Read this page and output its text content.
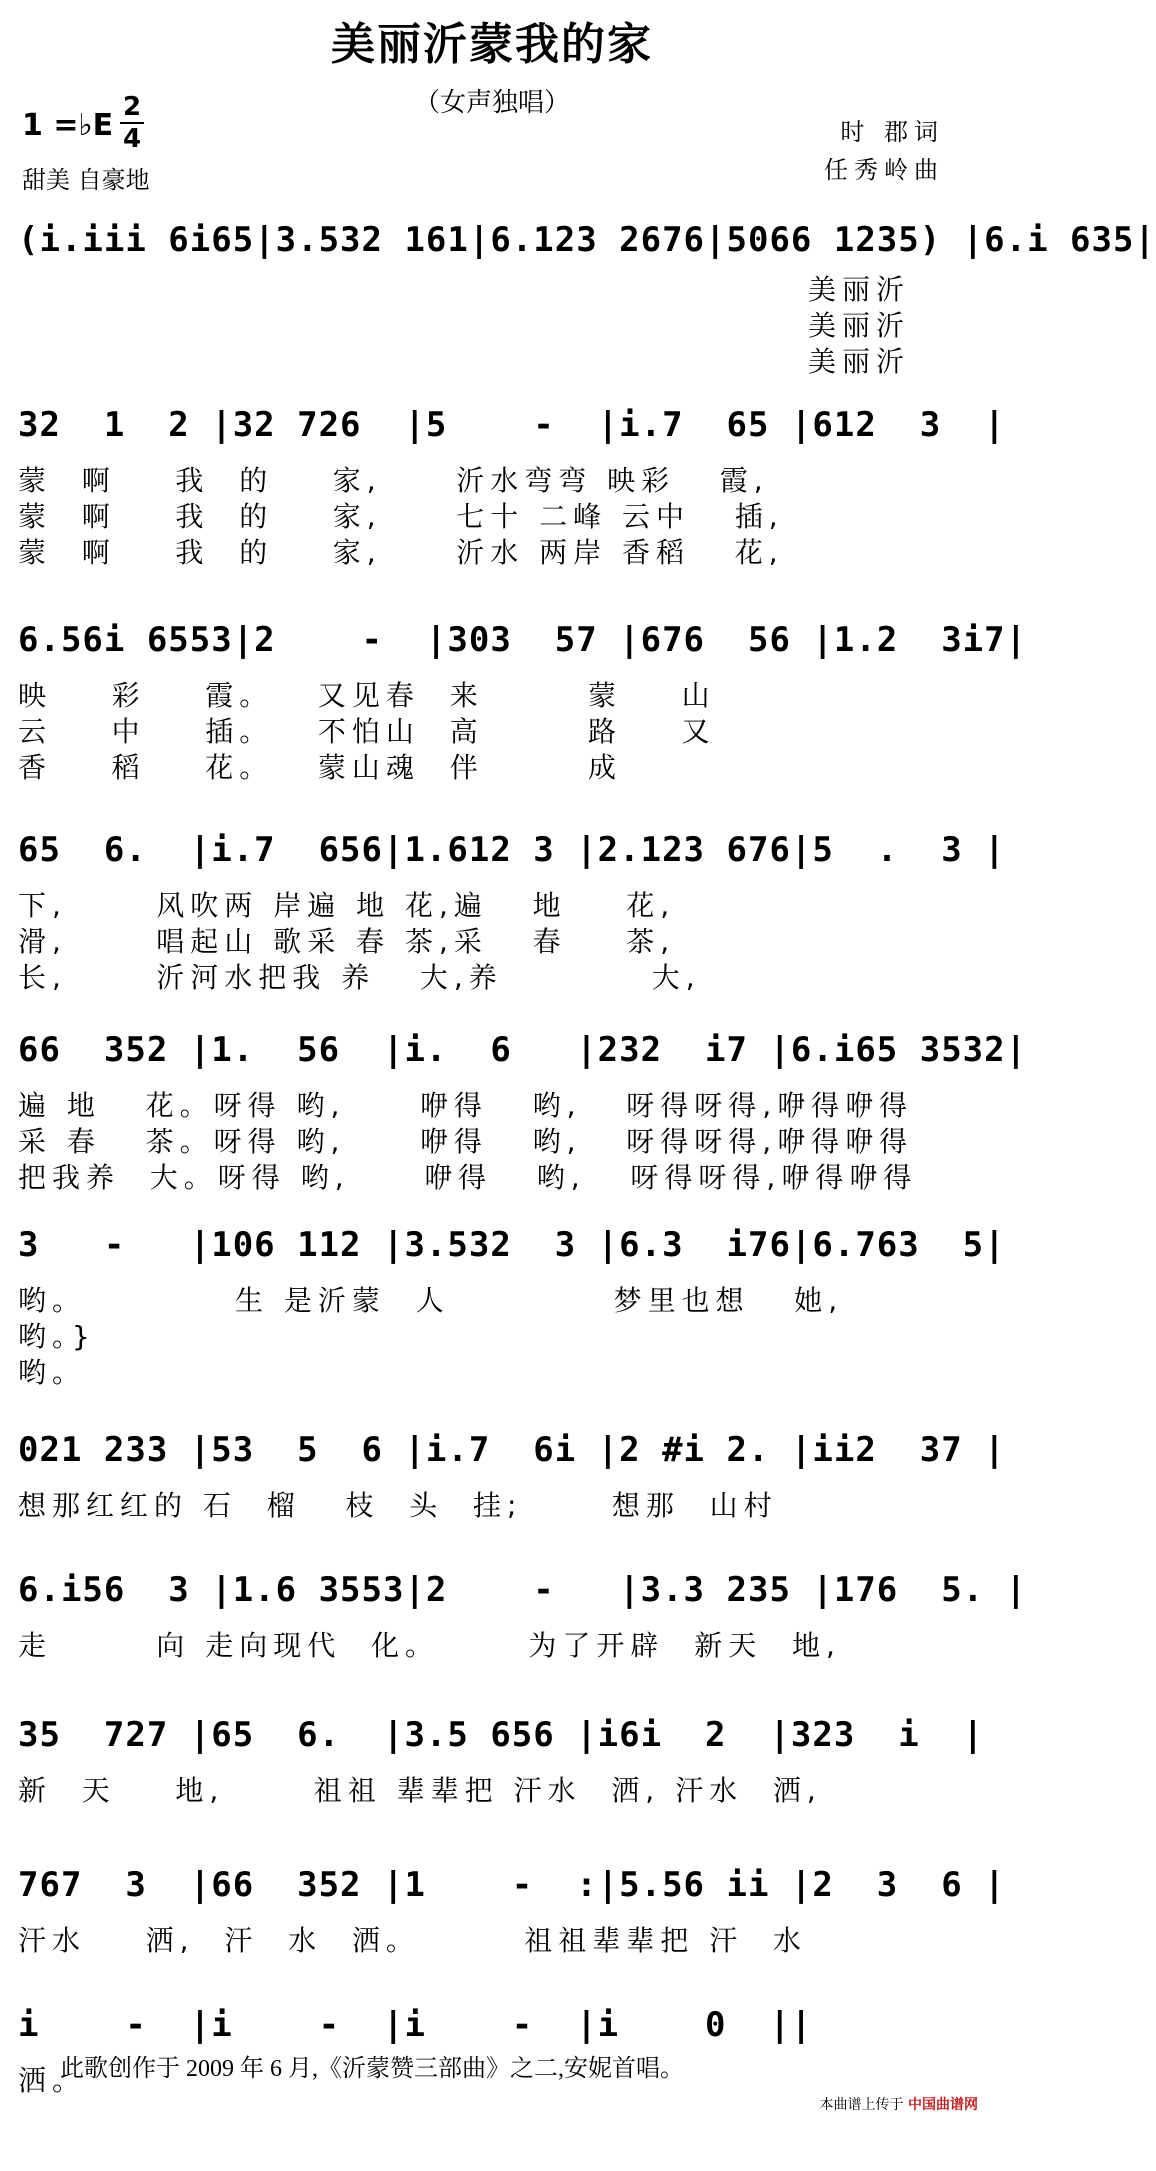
美丽沂蒙我的家
（女声独唱）
1 =♭E
2
4
甜美 自豪地
时 郡词
任秀岭曲
(i.iii 6i65|3.532 161|6.123 2676|5066 1235) |6.i 635|
美丽沂
美丽沂
美丽沂
32  1  2 |32 726  |5    -  |i.7  65 |612  3  |
蒙  啊    我  的    家,     沂水弯弯 映彩   霞,
蒙  啊    我  的    家,     七十 二峰 云中   插,
蒙  啊    我  的    家,     沂水 两岸 香稻   花,
6.56i 6553|2    -  |303  57 |676  56 |1.2  3i7|
映    彩    霞。   又见春  来       蒙    山
云    中    插。   不怕山  高       路    又
香    稻    花。   蒙山魂  伴       成
65  6.  |i.7  656|1.612 3 |2.123 676|5  .  3 |
下,      风吹两 岸遍 地 花,遍   地    花,
滑,      唱起山 歌采 春 茶,采   春    茶,
长,      沂河水把我 养   大,养          大,
66  352 |1.  56  |i.  6   |232  i7 |6.i65 3532|
遍 地   花。呀得 哟,     咿得   哟,   呀得呀得,咿得咿得
采 春   茶。呀得 哟,     咿得   哟,   呀得呀得,咿得咿得
把我养  大。呀得 哟,     咿得   哟,   呀得呀得,咿得咿得
3   -   |106 112 |3.532  3 |6.3  i76|6.763  5|
哟。          生 是沂蒙  人           梦里也想   她,
哟。}
哟。
021 233 |53  5  6 |i.7  6i |2 #i 2. |ii2  37 |
想那红红的 石  榴   枝  头  挂;      想那  山村
6.i56  3 |1.6 3553|2    -   |3.3 235 |176  5. |
走       向 走向现代  化。      为了开辟  新天  地,
35  727 |65  6.  |3.5 656 |i6i  2  |323  i  |
新  天    地,      祖祖 辈辈把 汗水  洒, 汗水  洒,
767  3  |66  352 |1    -  :|5.56 ii |2  3  6 |
汗水    洒,  汗  水  洒。       祖祖辈辈把 汗  水
i    -  |i    -  |i    -  |i    0  ||
洒。
此歌创作于 2009 年 6 月,《沂蒙赞三部曲》之二,安妮首唱。
本曲谱上传于 中国曲谱网
